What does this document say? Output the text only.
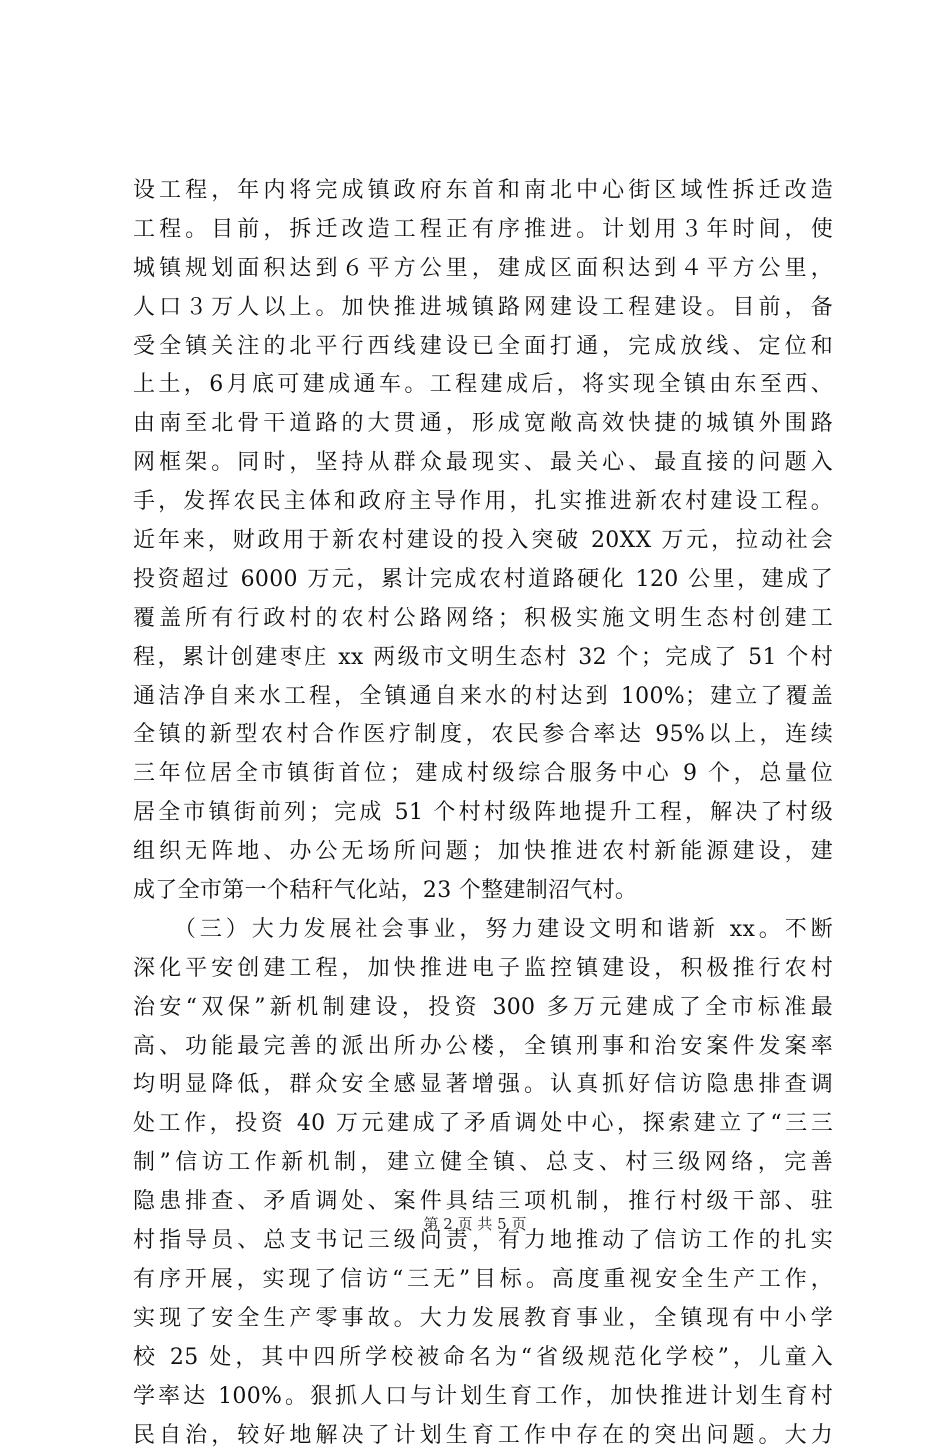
设工程，年内将完成镇政府东首和南北中心街区域性拆迁改造
工程。目前，拆迁改造工程正有序推进。计划用３年时间，使
城镇规划面积达到６平方公里，建成区面积达到４平方公里，
人口３万人以上。加快推进城镇路网建设工程建设。目前，备
受全镇关注的北平行西线建设已全面打通，完成放线、定位和
上土，6月底可建成通车。工程建成后，将实现全镇由东至西、
由南至北骨干道路的大贯通，形成宽敞高效快捷的城镇外围路
网框架。同时，坚持从群众最现实、最关心、最直接的问题入
手，发挥农民主体和政府主导作用，扎实推进新农村建设工程。
近年来，财政用于新农村建设的投入突破 20XX 万元，拉动社会
投资超过 6000 万元，累计完成农村道路硬化 120 公里，建成了
覆盖所有行政村的农村公路网络；积极实施文明生态村创建工
程，累计创建枣庄 xx 两级市文明生态村 32 个；完成了 51 个村
通洁净自来水工程，全镇通自来水的村达到 100%；建立了覆盖
全镇的新型农村合作医疗制度，农民参合率达 95%以上，连续
三年位居全市镇街首位；建成村级综合服务中心 9 个，总量位
居全市镇街前列；完成 51 个村村级阵地提升工程，解决了村级
组织无阵地、办公无场所问题；加快推进农村新能源建设，建
成了全市第一个秸秆气化站，23 个整建制沼气村。
　　（三）大力发展社会事业，努力建设文明和谐新 xx。不断
深化平安创建工程，加快推进电子监控镇建设，积极推行农村
治安“双保”新机制建设，投资 300 多万元建成了全市标准最
高、功能最完善的派出所办公楼，全镇刑事和治安案件发案率
均明显降低，群众安全感显著增强。认真抓好信访隐患排查调
处工作，投资 40 万元建成了矛盾调处中心，探索建立了“三三
制”信访工作新机制，建立健全镇、总支、村三级网络，完善
隐患排查、矛盾调处、案件具结三项机制，推行村级干部、驻
村指导员、总支书记三级问责，有力地推动了信访工作的扎实
有序开展，实现了信访“三无”目标。高度重视安全生产工作，
实现了安全生产零事故。大力发展教育事业，全镇现有中小学
校 25 处，其中四所学校被命名为“省级规范化学校”，儿童入
学率达 100%。狠抓人口与计划生育工作，加快推进计划生育村
民自治，较好地解决了计划生育工作中存在的突出问题。大力
第 2 页 共 5 页
